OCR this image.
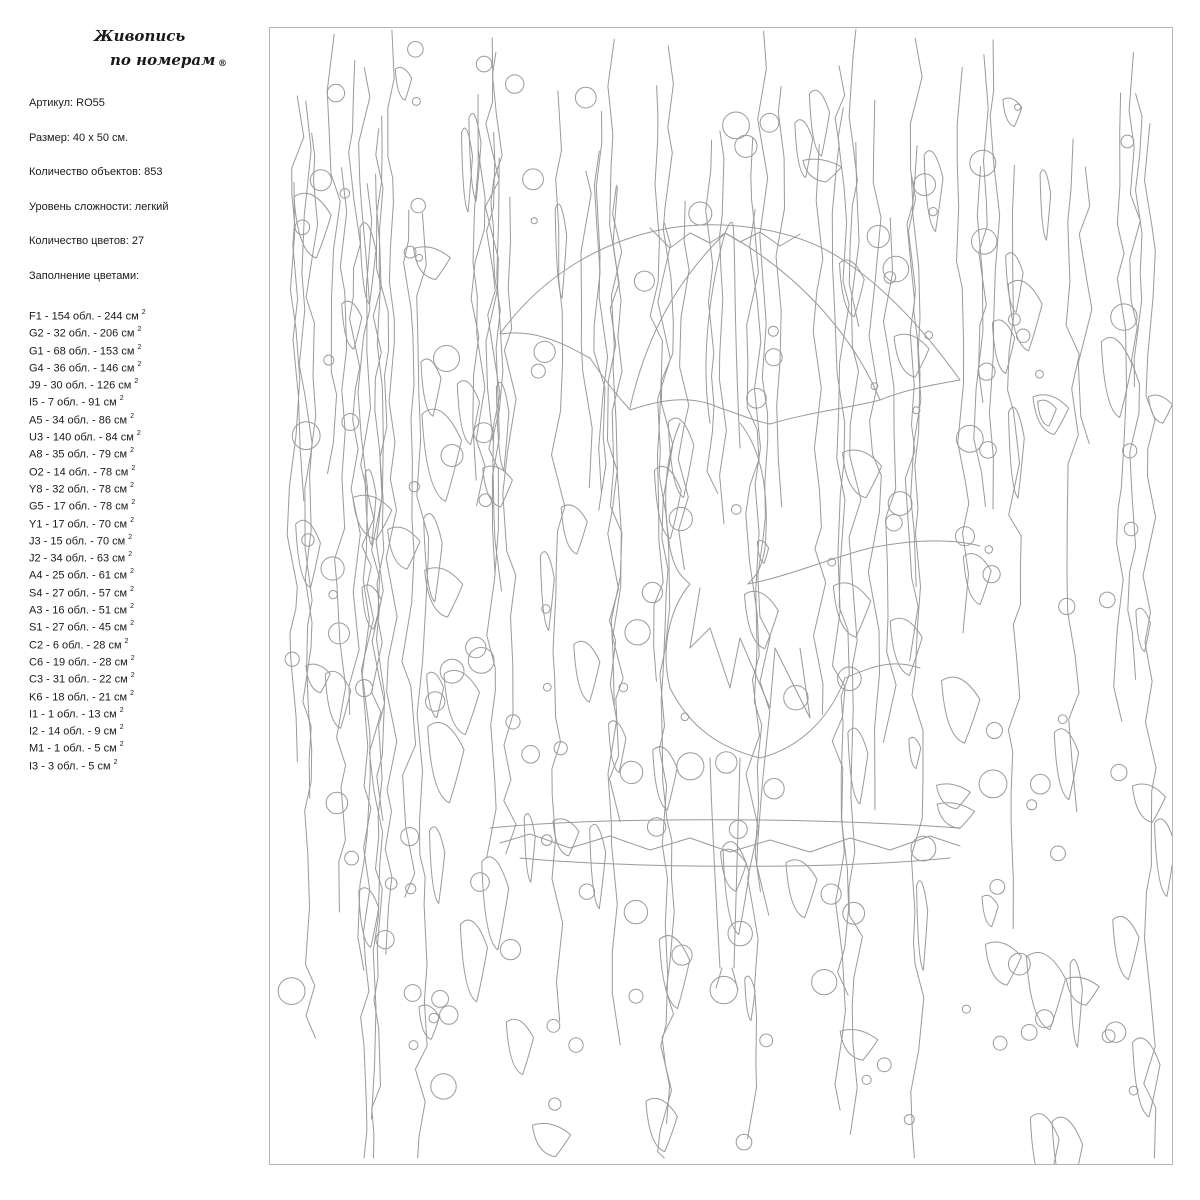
Живопись
по номерам ®

Артикул: RO55

Размер: 40 х 50 см.

Количество объектов: 853

Уровень сложности: легкий

Количество цветов: 27

Заполнение цветами:

F1 - 154 обл. - 244 см $^2$
G2 - 32 обл. - 206 см $^2$
G1 - 68 обл. - 153 см $^2$
G4 - 36 обл. - 146 см $^2$
J9 - 30 обл. - 126 см $^2$
I5 - 7 обл. - 91 см $^2$
A5 - 34 обл. - 86 см $^2$
U3 - 140 обл. - 84 см $^2$
A8 - 35 обл. - 79 см $^2$
O2 - 14 обл. - 78 см $^2$
Y8 - 32 обл. - 78 см $^2$
G5 - 17 обл. - 78 см $^2$
Y1 - 17 обл. - 70 см $^2$
J3 - 15 обл. - 70 см $^2$
J2 - 34 обл. - 63 см $^2$
A4 - 25 обл. - 61 см $^2$
S4 - 27 обл. - 57 см $^2$
A3 - 16 обл. - 51 см $^2$
S1 - 27 обл. - 45 см $^2$
C2 - 6 обл. - 28 см $^2$
C6 - 19 обл. - 28 см $^2$
C3 - 31 обл. - 22 см $^2$
K6 - 18 обл. - 21 см $^2$
I1 - 1 обл. - 13 см $^2$
I2 - 14 обл. - 9 см $^2$
M1 - 1 обл. - 5 см $^2$
I3 - 3 обл. - 5 см $^2$
